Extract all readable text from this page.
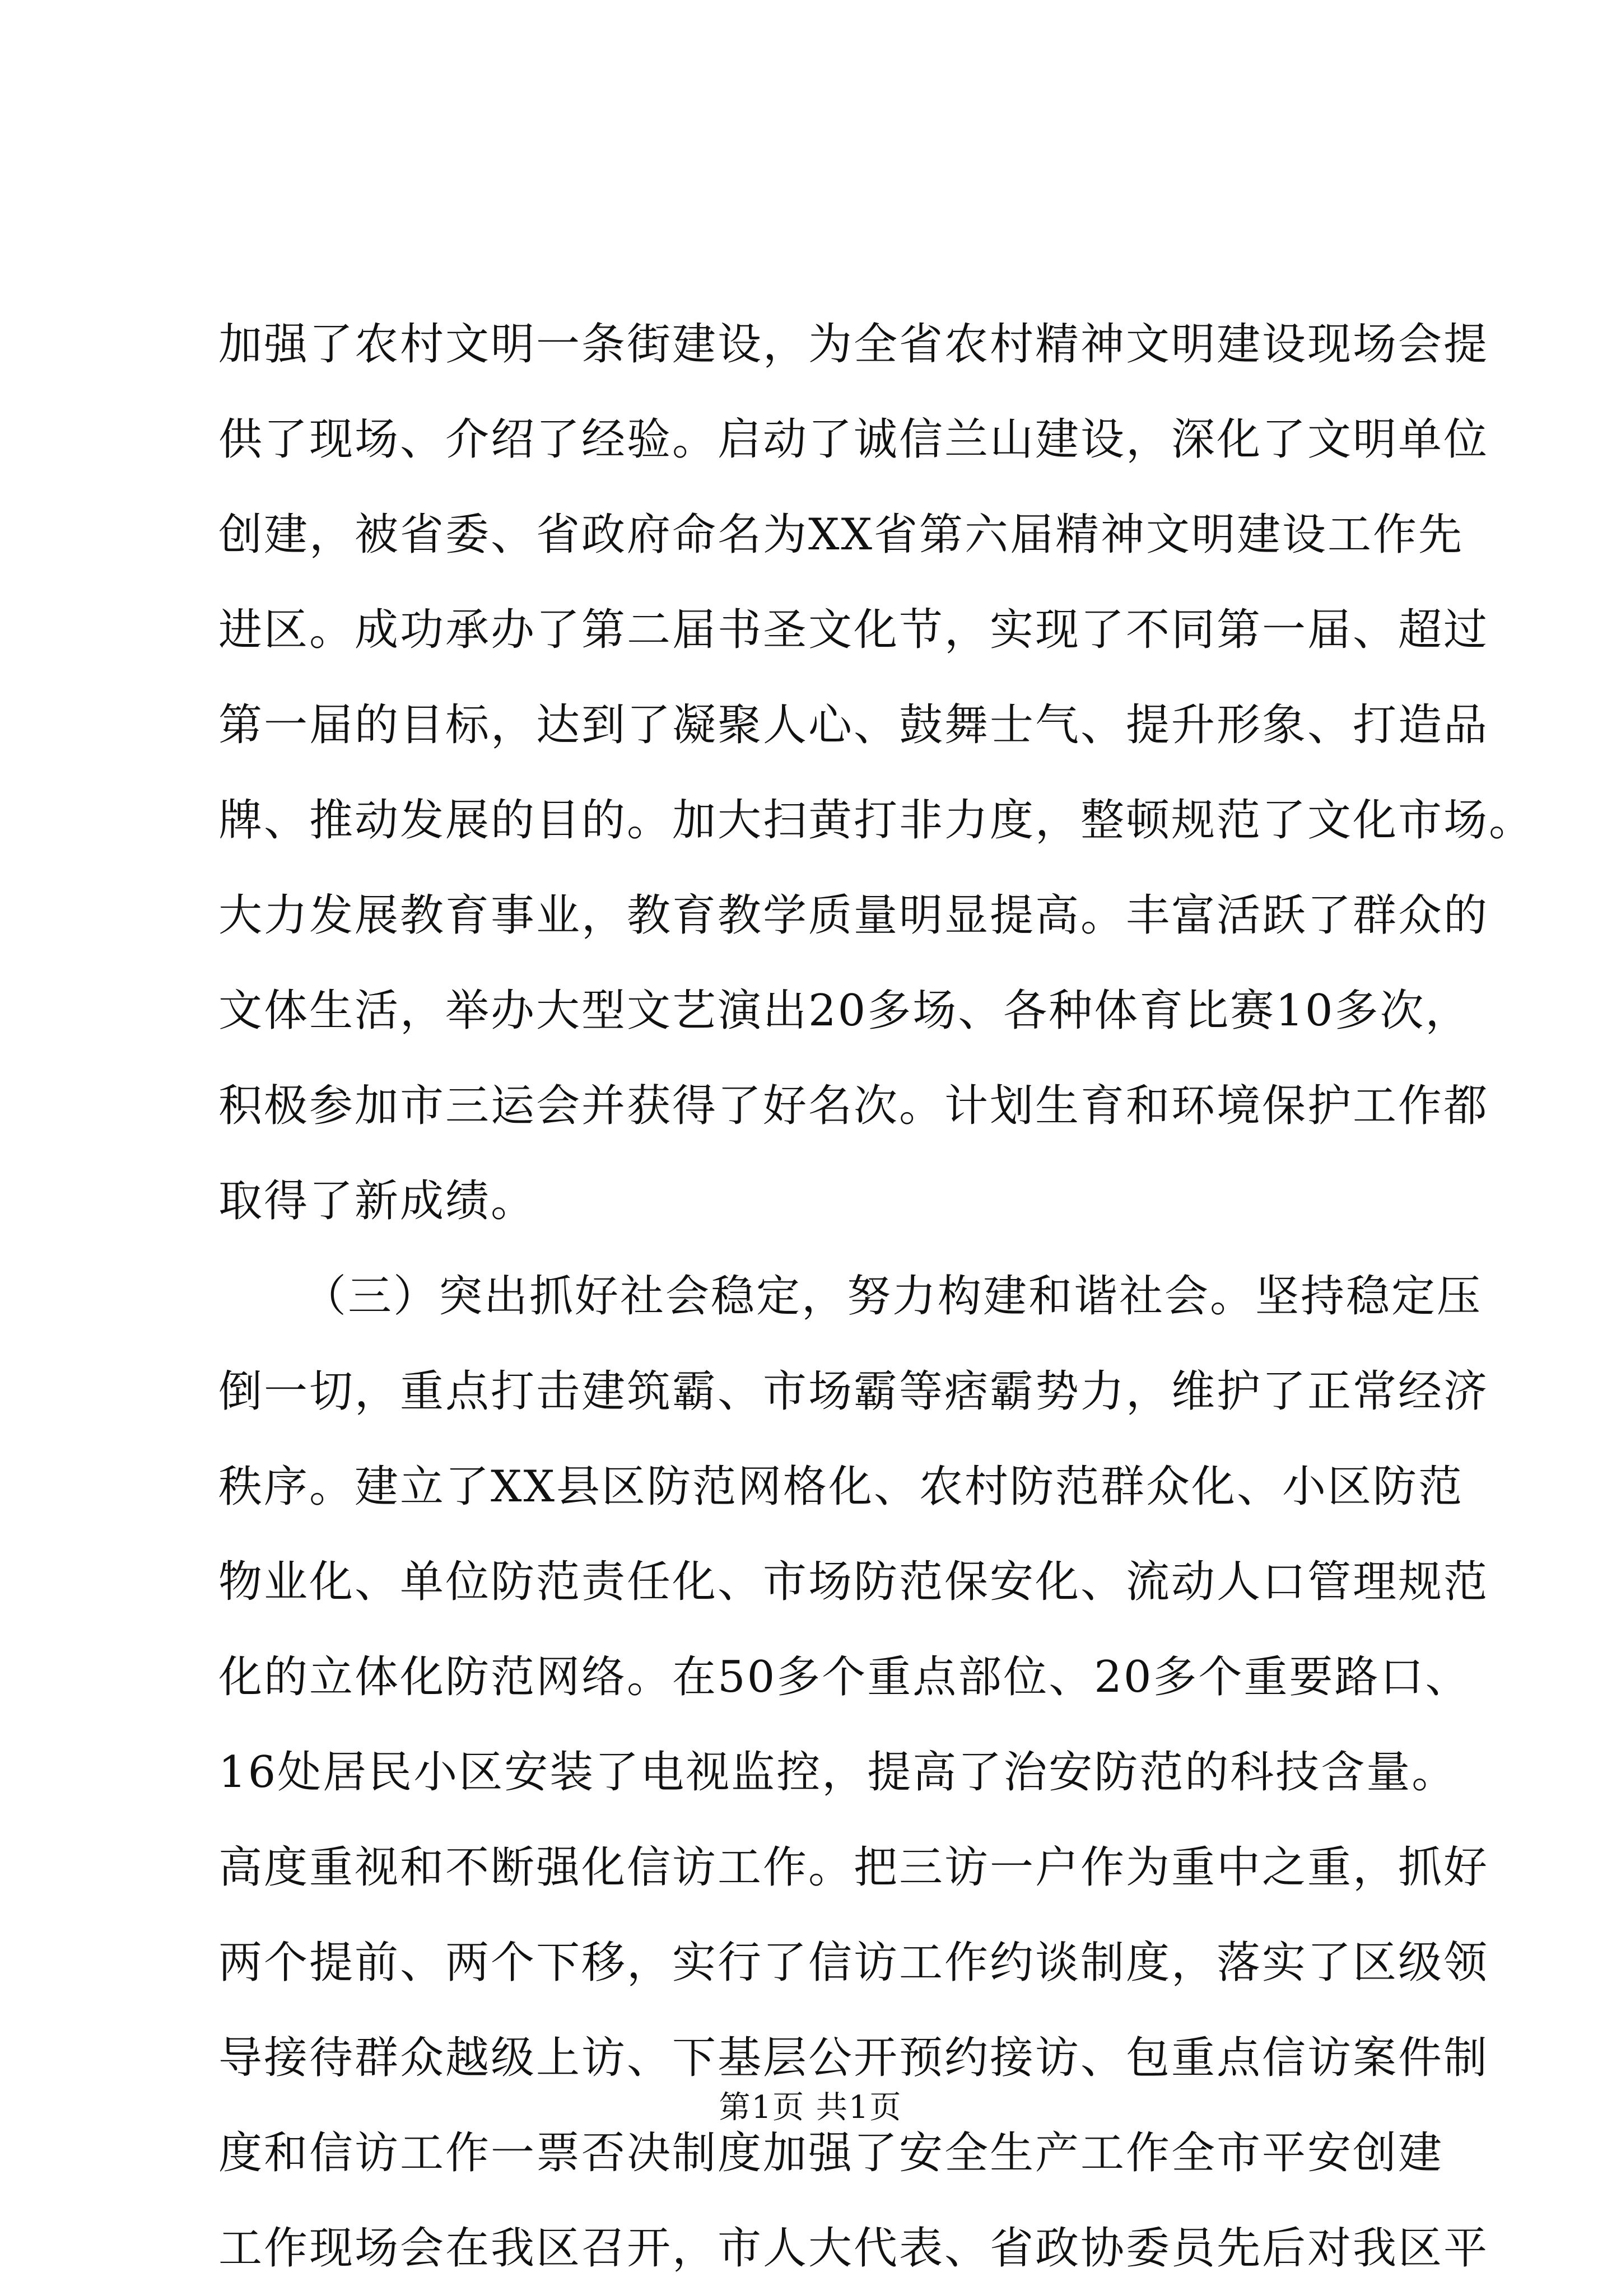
加强了农村文明一条街建设，为全省农村精神文明建设现场会提
供了现场、介绍了经验。启动了诚信兰山建设，深化了文明单位
创建，被省委、省政府命名为XX省第六届精神文明建设工作先
进区。成功承办了第二届书圣文化节，实现了不同第一届、超过
第一届的目标，达到了凝聚人心、鼓舞士气、提升形象、打造品
牌、推动发展的目的。加大扫黄打非力度，整顿规范了文化市场。
大力发展教育事业，教育教学质量明显提高。丰富活跃了群众的
文体生活，举办大型文艺演出20多场、各种体育比赛10多次，
积极参加市三运会并获得了好名次。计划生育和环境保护工作都
取得了新成绩。
（三）突出抓好社会稳定，努力构建和谐社会。坚持稳定压
倒一切，重点打击建筑霸、市场霸等痞霸势力，维护了正常经济
秩序。建立了XX县区防范网格化、农村防范群众化、小区防范
物业化、单位防范责任化、市场防范保安化、流动人口管理规范
化的立体化防范网络。在50多个重点部位、20多个重要路口、
16处居民小区安装了电视监控，提高了治安防范的科技含量。
高度重视和不断强化信访工作。把三访一户作为重中之重，抓好
两个提前、两个下移，实行了信访工作约谈制度，落实了区级领
导接待群众越级上访、下基层公开预约接访、包重点信访案件制
度和信访工作一票否决制度加强了安全生产工作全市平安创建
工作现场会在我区召开，市人大代表、省政协委员先后对我区平
第1页 共1页
